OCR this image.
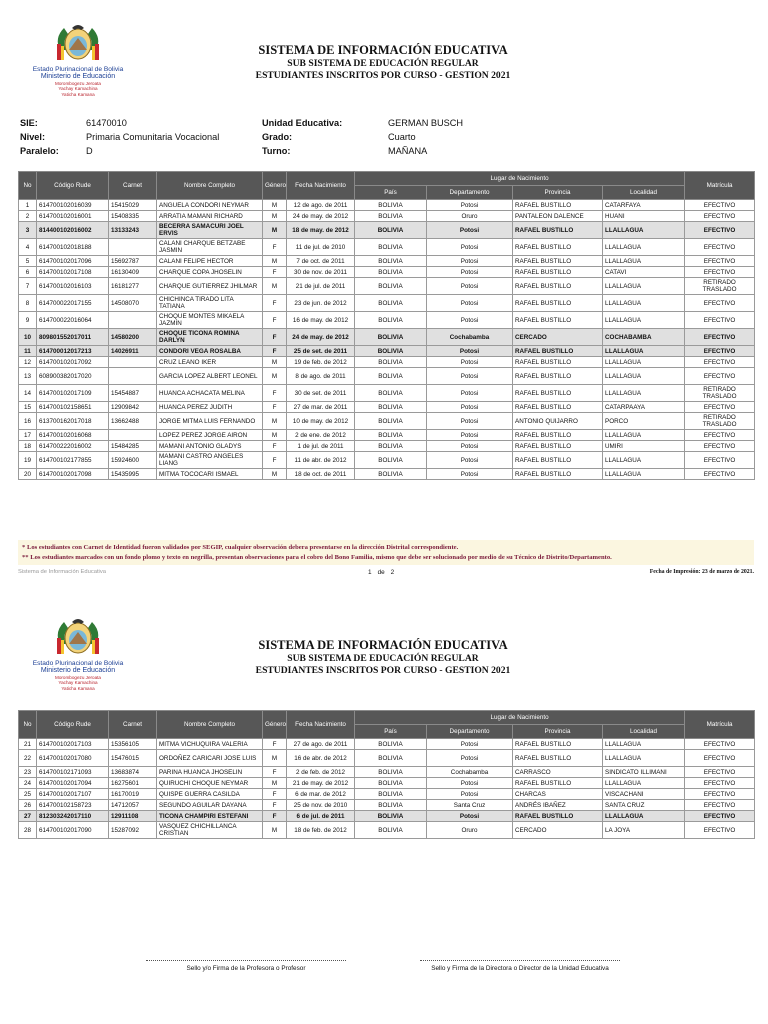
Estado Plurinacional de Bolivia
Ministerio de Educación
Morombogezu Jeroata
Yachay Kamachina
Yaticha Kamana
SISTEMA DE INFORMACIÓN EDUCATIVA
SUB SISTEMA DE EDUCACIÓN REGULAR
ESTUDIANTES INSCRITOS POR CURSO - GESTION 2021
SIE:	61470010	Unidad Educativa:	GERMAN BUSCH
Nivel:	Primaria Comunitaria Vocacional	Grado:	Cuarto
Paralelo:	D	Turno:	MAÑANA
No	Código Rude	Carnet	Nombre Completo	Género	Fecha Nacimiento	Lugar de Nacimiento				Matrícula
						País	Departamento	Provincia	Localidad	
1	614700102016039	15415029	ANGUELA CONDORI NEYMAR	M	12 de ago. de 2011	BOLIVIA	Potosi	RAFAEL BUSTILLO	CATARFAYA	EFECTIVO
2	614700102016001	15408335	ARRATIA MAMANI RICHARD	M	24 de may. de 2012	BOLIVIA	Oruro	PANTALEON DALENCE	HUANI	EFECTIVO
3	814400102016002	13133243	BECERRA SAMACURI JOEL ERVIS	M	18 de may. de 2012	BOLIVIA	Potosi	RAFAEL BUSTILLO	LLALLAGUA	EFECTIVO
4	614700102018188		CALANI CHARQUE BETZABE JASMIN	F	11 de jul. de 2010	BOLIVIA	Potosi	RAFAEL BUSTILLO	LLALLAGUA	EFECTIVO
5	614700102017096	15692787	CALANI FELIPE HECTOR	M	7 de oct. de 2011	BOLIVIA	Potosi	RAFAEL BUSTILLO	LLALLAGUA	EFECTIVO
6	614700102017108	16130409	CHARQUE COPA JHOSELIN	F	30 de nov. de 2011	BOLIVIA	Potosi	RAFAEL BUSTILLO	CATAVI	EFECTIVO
7	614700102016103	16181277	CHARQUE GUTIERREZ JHILMAR	M	21 de jul. de 2011	BOLIVIA	Potosi	RAFAEL BUSTILLO	LLALLAGUA	RETIRADO TRASLADO
8	614700022017155	14508070	CHICHINCA TIRADO LITA TATIANA	F	23 de jun. de 2012	BOLIVIA	Potosi	RAFAEL BUSTILLO	LLALLAGUA	EFECTIVO
9	614700022016064		CHOQUE MONTES MIKAELA JAZMIN	F	16 de may. de 2012	BOLIVIA	Potosi	RAFAEL BUSTILLO	LLALLAGUA	EFECTIVO
10	809801552017011	14580200	CHOQUE TICONA ROMINA DARLYN	F	24 de may. de 2012	BOLIVIA	Cochabamba	CERCADO	COCHABAMBA	EFECTIVO
11	614700012017213	14026911	CONDORI VEGA ROSALBA	F	25 de set. de 2011	BOLIVIA	Potosi	RAFAEL BUSTILLO	LLALLAGUA	EFECTIVO
12	614700102017092		CRUZ LEANO IKER	M	19 de feb. de 2012	BOLIVIA	Potosi	RAFAEL BUSTILLO	LLALLAGUA	EFECTIVO
13	608900382017020		GARCIA LOPEZ ALBERT LEONEL	M	8 de ago. de 2011	BOLIVIA	Potosi	RAFAEL BUSTILLO	LLALLAGUA	EFECTIVO
14	614700102017109	15454887	HUANCA ACHACATA MELINA	F	30 de set. de 2011	BOLIVIA	Potosi	RAFAEL BUSTILLO	LLALLAGUA	RETIRADO TRASLADO
15	614700102158651	12909842	HUANCA PEREZ JUDITH	F	27 de mar. de 2011	BOLIVIA	Potosi	RAFAEL BUSTILLO	CATARPAAYA	EFECTIVO
16	613700162017018	13662488	JORGE MITMA LUIS FERNANDO	M	10 de may. de 2012	BOLIVIA	Potosi	ANTONIO QUIJARRO	PORCO	RETIRADO TRASLADO
17	614700102016068		LOPEZ PEREZ JORGE AIRON	M	2 de ene. de 2012	BOLIVIA	Potosi	RAFAEL BUSTILLO	LLALLAGUA	EFECTIVO
18	614700222016002	15484285	MAMANI ANTONIO GLADYS	F	1 de jul. de 2011	BOLIVIA	Potosi	RAFAEL BUSTILLO	UMIRI	EFECTIVO
19	614700102177855	15924600	MAMANI CASTRO ANGELES LIANG	F	11 de abr. de 2012	BOLIVIA	Potosi	RAFAEL BUSTILLO	LLALLAGUA	EFECTIVO
20	614700102017098	15435995	MITMA TOCOCARI ISMAEL	M	18 de oct. de 2011	BOLIVIA	Potosi	RAFAEL BUSTILLO	LLALLAGUA	EFECTIVO
* Los estudiantes con Carnet de Identidad fueron validados por SEGIP, cualquier observación debera presentarse en la dirección Distrital correspondiente.
** Los estudiantes marcados con un fondo plomo y texto en negrilla, presentan observaciones para el cobro del Bono Familia, mismo que debe ser solucionado por medio de su Técnico de Distrito/Departamento.
Sistema de Información Educativa	1 de 2	Fecha de Impresión: 23 de marzo de 2021.
Estado Plurinacional de Bolivia
Ministerio de Educación
Morombogezu Jeroata
Yachay Kamachina
Yaticha Kamana
SISTEMA DE INFORMACIÓN EDUCATIVA
SUB SISTEMA DE EDUCACIÓN REGULAR
ESTUDIANTES INSCRITOS POR CURSO - GESTION 2021
No	Código Rude	Carnet	Nombre Completo	Género	Fecha Nacimiento	Lugar de Nacimiento				Matrícula
						País	Departamento	Provincia	Localidad	
21	614700102017103	15356105	MITMA VICHUQUIRA VALERIA	F	27 de ago. de 2011	BOLIVIA	Potosi	RAFAEL BUSTILLO	LLALLAGUA	EFECTIVO
22	614700102017080	15476015	ORDOÑEZ CARICARI JOSE LUIS	M	16 de abr. de 2012	BOLIVIA	Potosi	RAFAEL BUSTILLO	LLALLAGUA	EFECTIVO
23	614700102171093	13683874	PARINA HUANCA JHOSELIN	F	2 de feb. de 2012	BOLIVIA	Cochabamba	CARRASCO	SINDICATO ILLIMANI	EFECTIVO
24	614700102017094	16275601	QUIRUCHI CHOQUE NEYMAR	M	21 de may. de 2012	BOLIVIA	Potosi	RAFAEL BUSTILLO	LLALLAGUA	EFECTIVO
25	614700102017107	16170019	QUISPE GUERRA CASILDA	F	6 de mar. de 2012	BOLIVIA	Potosi	CHARCAS	VISCACHANI	EFECTIVO
26	614700102158723	14712057	SEGUNDO AGUILAR DAYANA	F	25 de nov. de 2010	BOLIVIA	Santa Cruz	ANDRÉS IBAÑEZ	SANTA CRUZ	EFECTIVO
27	812303242017110	12911108	TICONA CHAMPIRI ESTEFANI	F	6 de jul. de 2011	BOLIVIA	Potosi	RAFAEL BUSTILLO	LLALLAGUA	EFECTIVO
28	614700102017090	15287092	VASQUEZ CHICHILLANCA CRISTIAN	M	18 de feb. de 2012	BOLIVIA	Oruro	CERCADO	LA JOYA	EFECTIVO
Sello y/o Firma de la Profesora o Profesor	Sello y Firma de la Directora o Director de la Unidad Educativa
